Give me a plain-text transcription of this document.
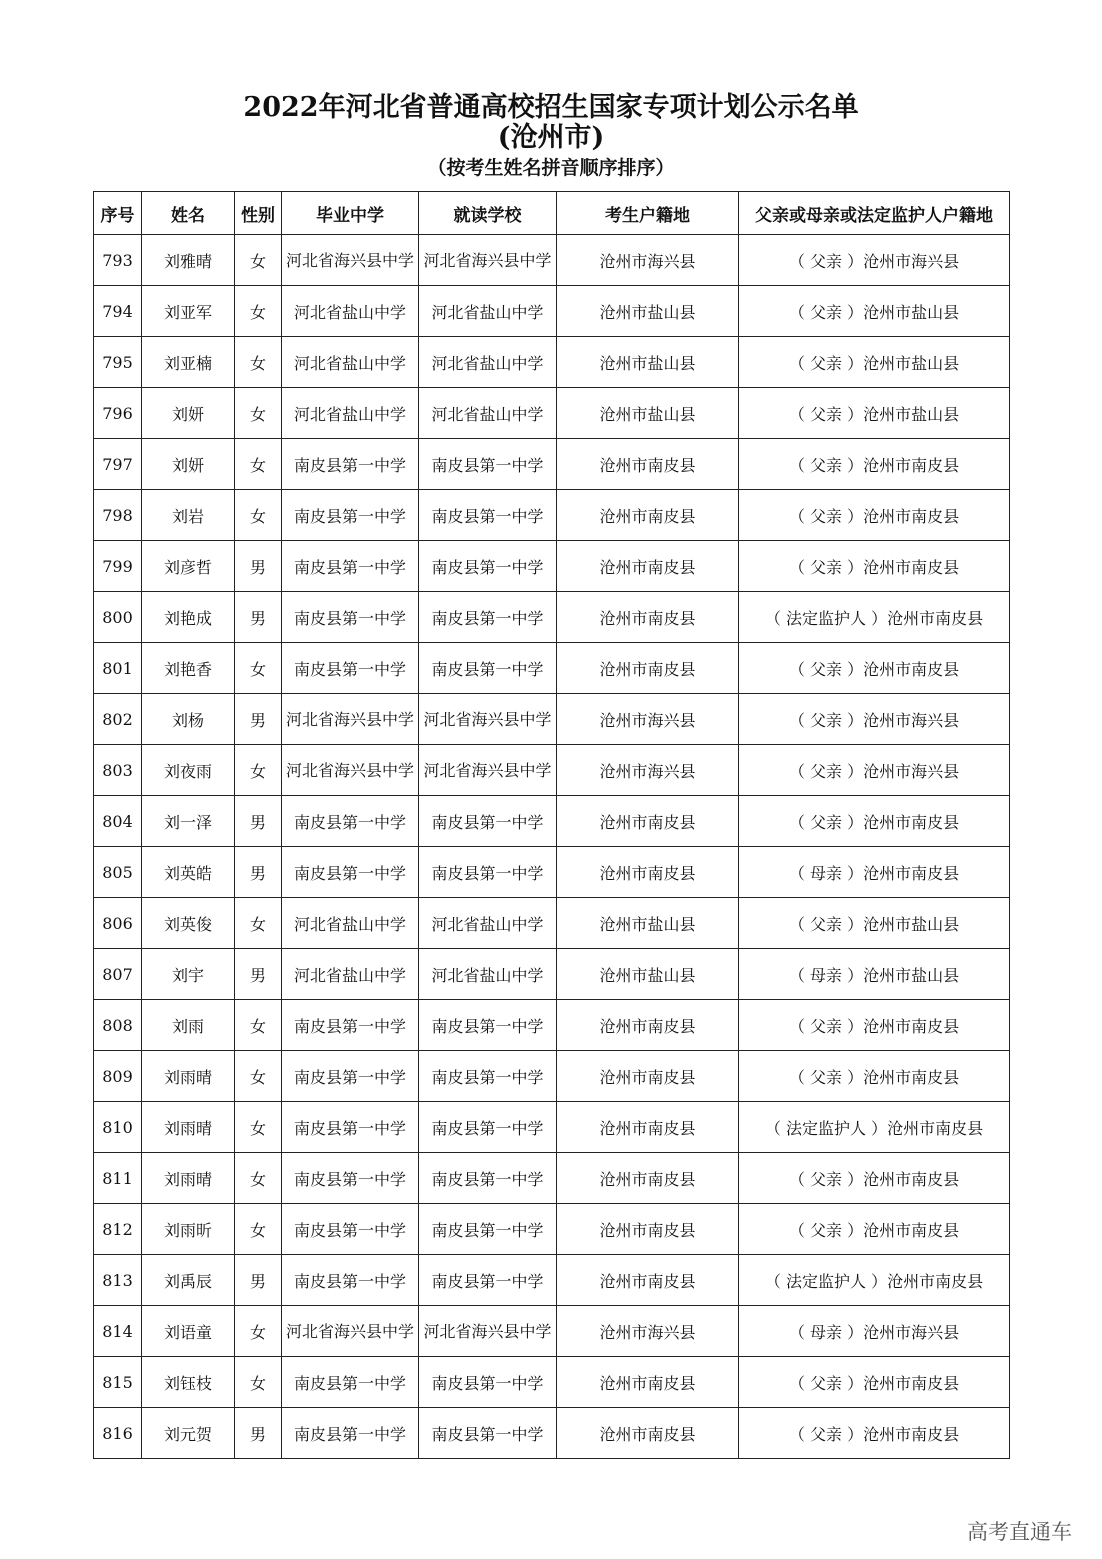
2022年河北省普通高校招生国家专项计划公示名单
(沧州市)
（按考生姓名拼音顺序排序）
序号	姓名	性别	毕业中学	就读学校	考生户籍地	父亲或母亲或法定监护人户籍地
793	刘雅晴	女	河北省海兴县中学	河北省海兴县中学	沧州市海兴县	（ 父亲 ）沧州市海兴县
794	刘亚军	女	河北省盐山中学	河北省盐山中学	沧州市盐山县	（ 父亲 ）沧州市盐山县
795	刘亚楠	女	河北省盐山中学	河北省盐山中学	沧州市盐山县	（ 父亲 ）沧州市盐山县
796	刘妍	女	河北省盐山中学	河北省盐山中学	沧州市盐山县	（ 父亲 ）沧州市盐山县
797	刘妍	女	南皮县第一中学	南皮县第一中学	沧州市南皮县	（ 父亲 ）沧州市南皮县
798	刘岩	女	南皮县第一中学	南皮县第一中学	沧州市南皮县	（ 父亲 ）沧州市南皮县
799	刘彦哲	男	南皮县第一中学	南皮县第一中学	沧州市南皮县	（ 父亲 ）沧州市南皮县
800	刘艳成	男	南皮县第一中学	南皮县第一中学	沧州市南皮县	（ 法定监护人 ）沧州市南皮县
801	刘艳香	女	南皮县第一中学	南皮县第一中学	沧州市南皮县	（ 父亲 ）沧州市南皮县
802	刘杨	男	河北省海兴县中学	河北省海兴县中学	沧州市海兴县	（ 父亲 ）沧州市海兴县
803	刘夜雨	女	河北省海兴县中学	河北省海兴县中学	沧州市海兴县	（ 父亲 ）沧州市海兴县
804	刘一泽	男	南皮县第一中学	南皮县第一中学	沧州市南皮县	（ 父亲 ）沧州市南皮县
805	刘英皓	男	南皮县第一中学	南皮县第一中学	沧州市南皮县	（ 母亲 ）沧州市南皮县
806	刘英俊	女	河北省盐山中学	河北省盐山中学	沧州市盐山县	（ 父亲 ）沧州市盐山县
807	刘宇	男	河北省盐山中学	河北省盐山中学	沧州市盐山县	（ 母亲 ）沧州市盐山县
808	刘雨	女	南皮县第一中学	南皮县第一中学	沧州市南皮县	（ 父亲 ）沧州市南皮县
809	刘雨晴	女	南皮县第一中学	南皮县第一中学	沧州市南皮县	（ 父亲 ）沧州市南皮县
810	刘雨晴	女	南皮县第一中学	南皮县第一中学	沧州市南皮县	（ 法定监护人 ）沧州市南皮县
811	刘雨晴	女	南皮县第一中学	南皮县第一中学	沧州市南皮县	（ 父亲 ）沧州市南皮县
812	刘雨昕	女	南皮县第一中学	南皮县第一中学	沧州市南皮县	（ 父亲 ）沧州市南皮县
813	刘禹辰	男	南皮县第一中学	南皮县第一中学	沧州市南皮县	（ 法定监护人 ）沧州市南皮县
814	刘语童	女	河北省海兴县中学	河北省海兴县中学	沧州市海兴县	（ 母亲 ）沧州市海兴县
815	刘钰枝	女	南皮县第一中学	南皮县第一中学	沧州市南皮县	（ 父亲 ）沧州市南皮县
816	刘元贺	男	南皮县第一中学	南皮县第一中学	沧州市南皮县	（ 父亲 ）沧州市南皮县
高考直通车
